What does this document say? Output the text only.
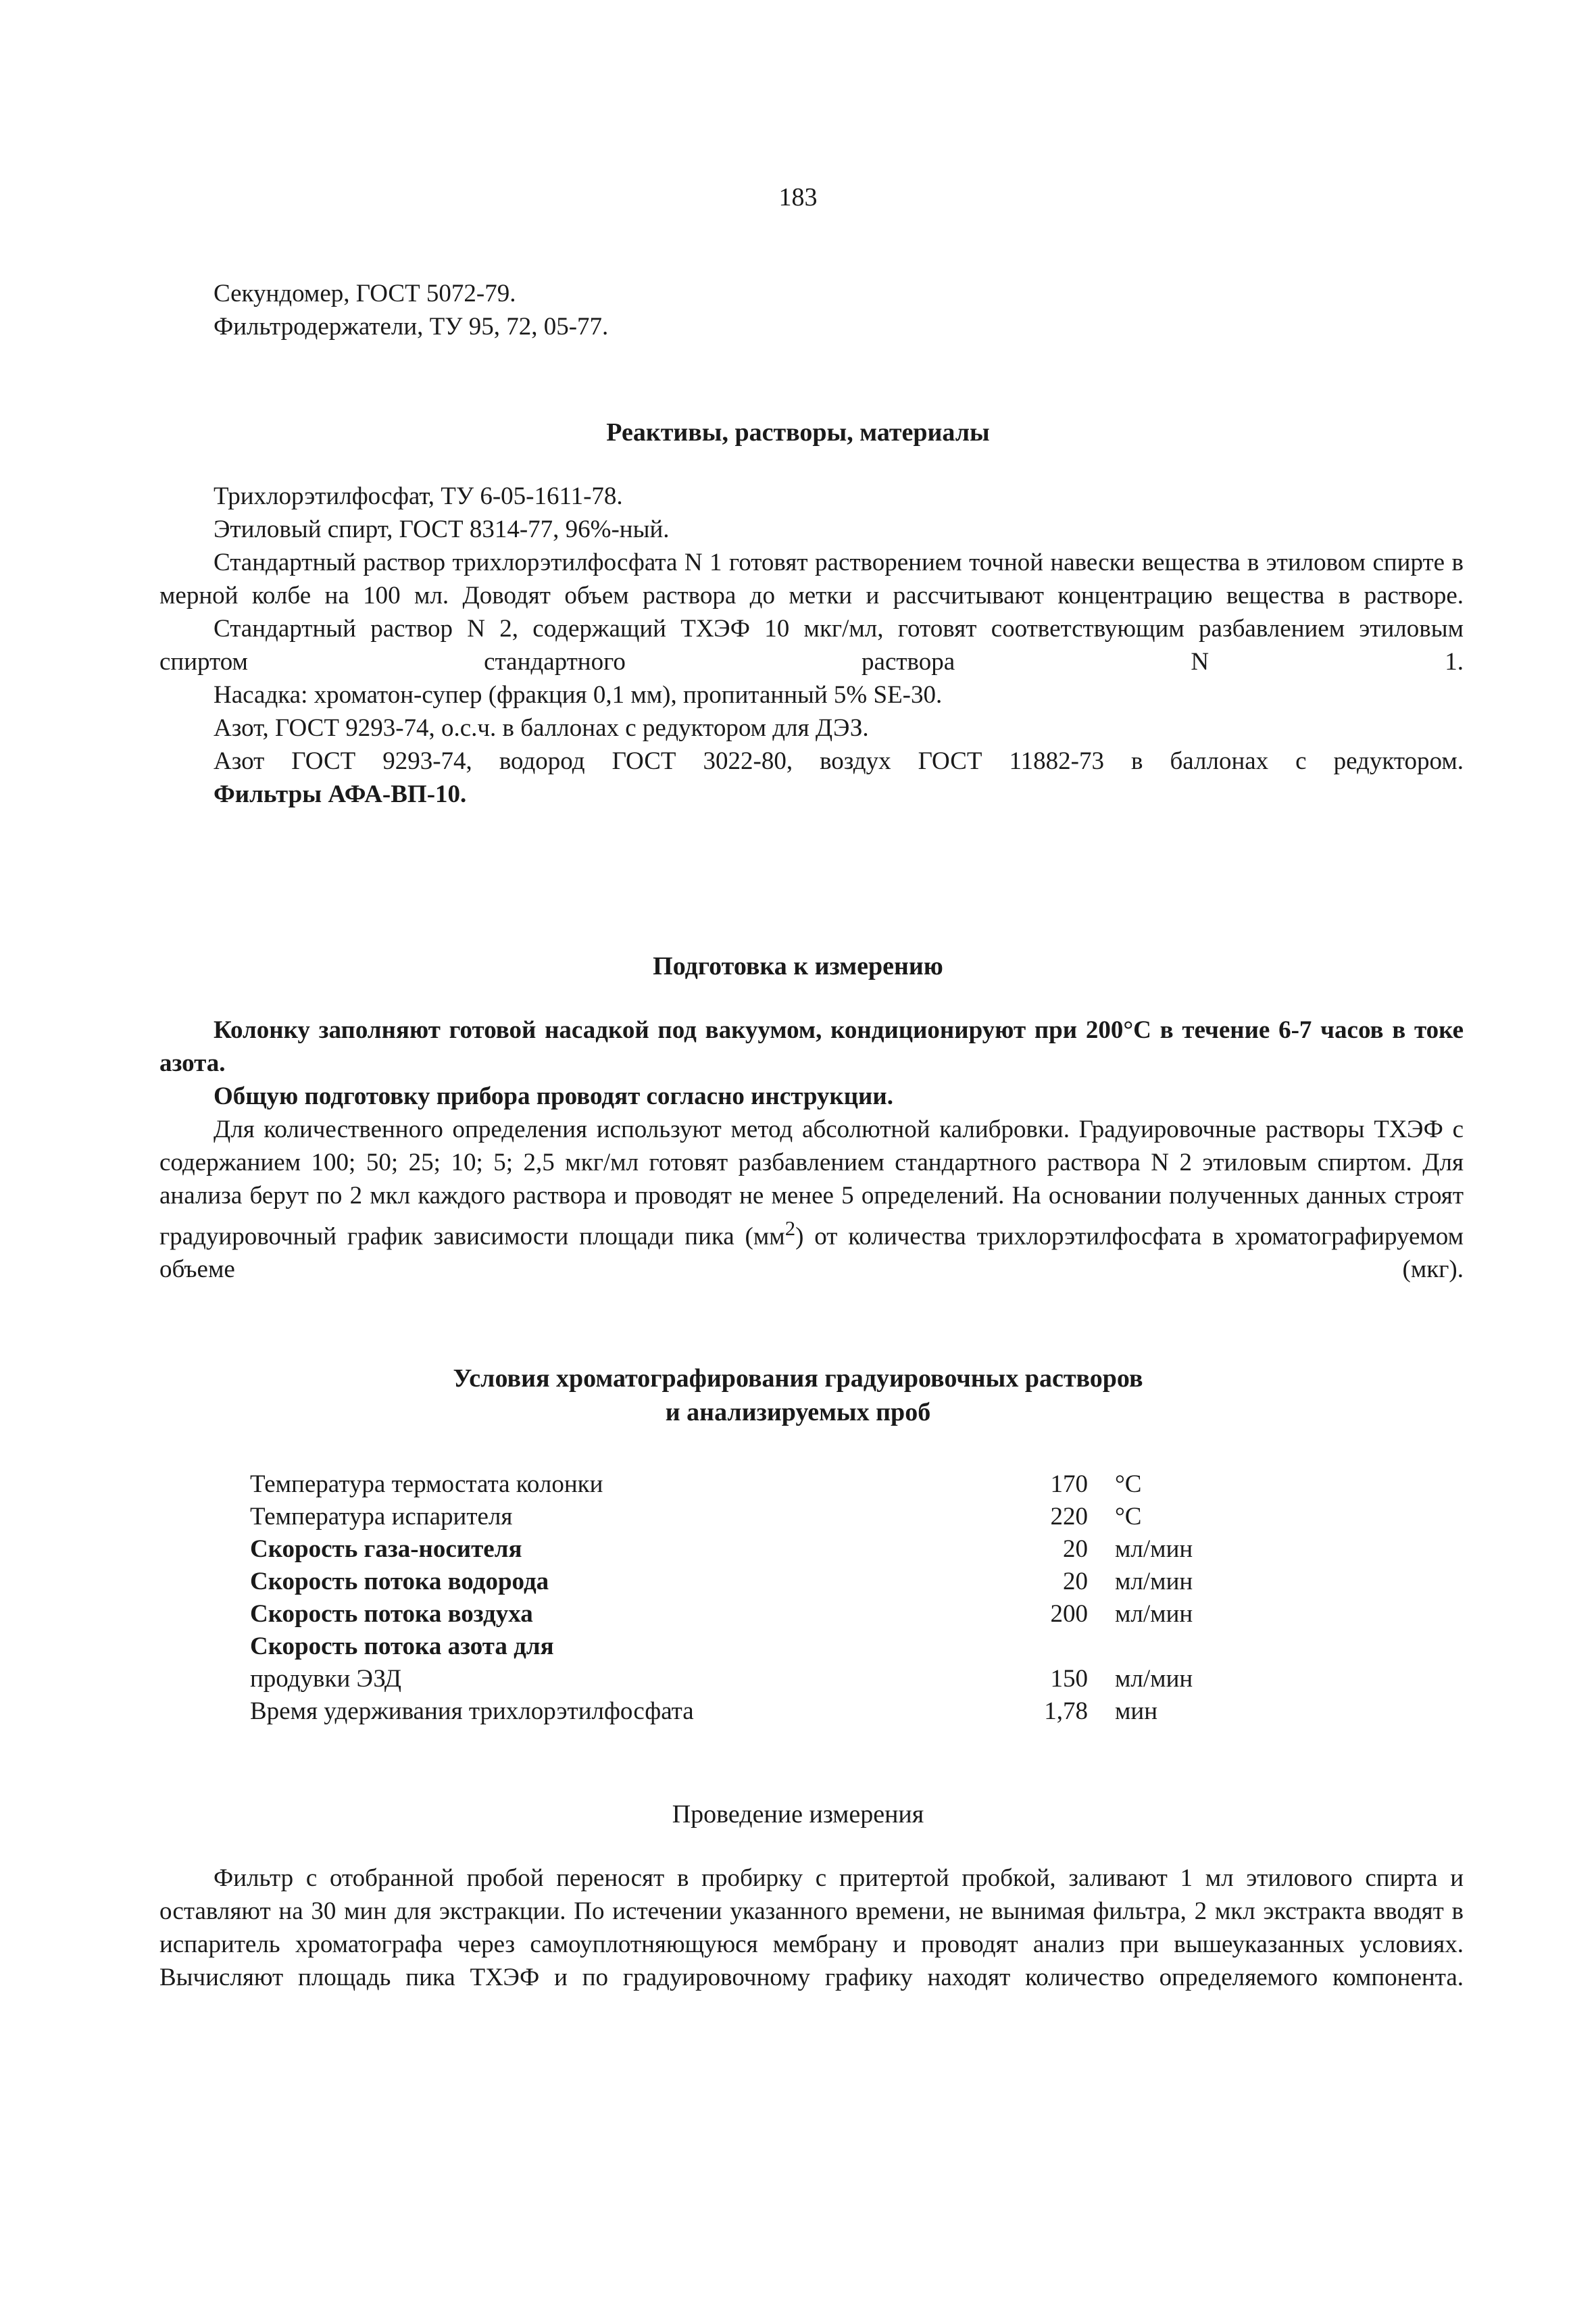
183
Секундомер, ГОСТ 5072-79.
Фильтродержатели, ТУ 95, 72, 05-77.
Реактивы, растворы, материалы
Трихлорэтилфосфат, ТУ 6-05-1611-78.
Этиловый спирт, ГОСТ 8314-77, 96%-ный.

Стандартный раствор трихлорэтилфосфата N 1 готовят растворением точной навески вещества в этиловом спирте в мерной колбе на 100 мл. Доводят объем раствора до метки и рассчитывают концентрацию вещества в растворе.

Стандартный раствор N 2, содержащий ТХЭФ 10 мкг/мл, готовят соответствующим разбавлением этиловым спиртом стандартного раствора N 1.

Насадка: хроматон-супер (фракция 0,1 мм), пропитанный 5% SE-30.
Азот, ГОСТ 9293-74, о.с.ч. в баллонах с редуктором для ДЭЗ.

Азот ГОСТ 9293-74, водород ГОСТ 3022-80, воздух ГОСТ 11882-73 в баллонах с редуктором.

Фильтры АФА-ВП-10.
Подготовка к измерению

Колонку заполняют готовой насадкой под вакуумом, кондиционируют при 200°С в течение 6-7 часов в токе азота.

Общую подготовку прибора проводят согласно инструкции.

Для количественного определения используют метод абсолютной калибровки. Градуировочные растворы ТХЭФ с содержанием 100; 50; 25; 10; 5; 2,5 мкг/мл готовят разбавлением стандартного раствора N 2 этиловым спиртом. Для анализа берут по 2 мкл каждого раствора и проводят не менее 5 определений. На основании полученных данных строят градуировочный график зависимости площади пика $(мм^2)$ от количества трихлорэтилфосфата в хроматографируемом объеме (мкг).

Условия хроматографирования градуировочных растворов
и анализируемых проб
Температура термостата колонки	170	°С
Температура испарителя	220	°С
Скорость газа-носителя	20	мл/мин
Скорость потока водорода	20	мл/мин
Скорость потока воздуха	200	мл/мин
Скорость потока азота для		
продувки ЭЗД	150	мл/мин
Время удерживания трихлорэтилфосфата	1,78	мин
Проведение измерения

Фильтр с отобранной пробой переносят в пробирку с притертой пробкой, заливают 1 мл этилового спирта и оставляют на 30 мин для экстракции. По истечении указанного времени, не вынимая фильтра, 2 мкл экстракта вводят в испаритель хроматографа через самоуплотняющуюся мембрану и проводят анализ при вышеуказанных условиях. Вычисляют площадь пика ТХЭФ и по градуировочному графику находят количество определяемого компонента.
